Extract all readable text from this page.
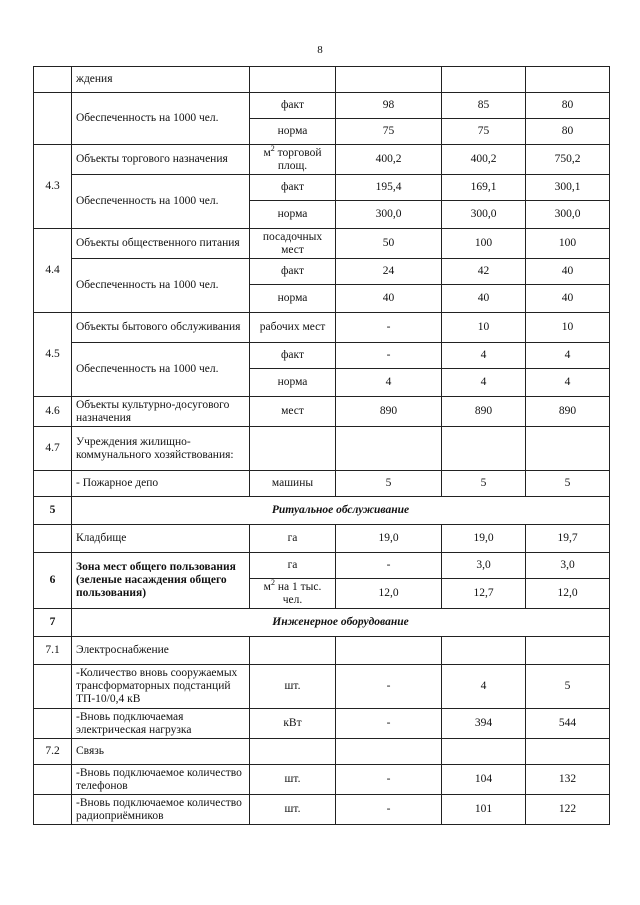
8
	ждения				
	Обеспеченность на 1000 чел.	факт	98	85	80
		норма	75	75	80
4.3	Объекты торгового назначения	$м^2$ торговой площ.	400,2	400,2	750,2
	Обеспеченность на 1000 чел.	факт	195,4	169,1	300,1
		норма	300,0	300,0	300,0
4.4	Объекты общественного питания	посадочных мест	50	100	100
	Обеспеченность на 1000 чел.	факт	24	42	40
		норма	40	40	40
4.5	Объекты бытового обслуживания	рабочих мест	-	10	10
	Обеспеченность на 1000 чел.	факт	-	4	4
		норма	4	4	4
4.6	Объекты культурно-досугового назначения	мест	890	890	890
4.7	Учреждения жилищно-коммунального хозяйствования:				
	- Пожарное депо	машины	5	5	5
5	Ритуальное обслуживание				
	Кладбище	га	19,0	19,0	19,7
6	Зона мест общего пользования (зеленые насаждения общего пользования)	га	-	3,0	3,0
		$м^2$ на 1 тыс. чел.	12,0	12,7	12,0
7	Инженерное оборудование				
7.1	Электроснабжение				
	-Количество вновь сооружаемых трансформаторных подстанций ТП-10/0,4 кВ	шт.	-	4	5
	-Вновь подключаемая электрическая нагрузка	кВт	-	394	544
7.2	Связь				
	-Вновь подключаемое количество телефонов	шт.	-	104	132
	-Вновь подключаемое количество радиоприёмников	шт.	-	101	122
